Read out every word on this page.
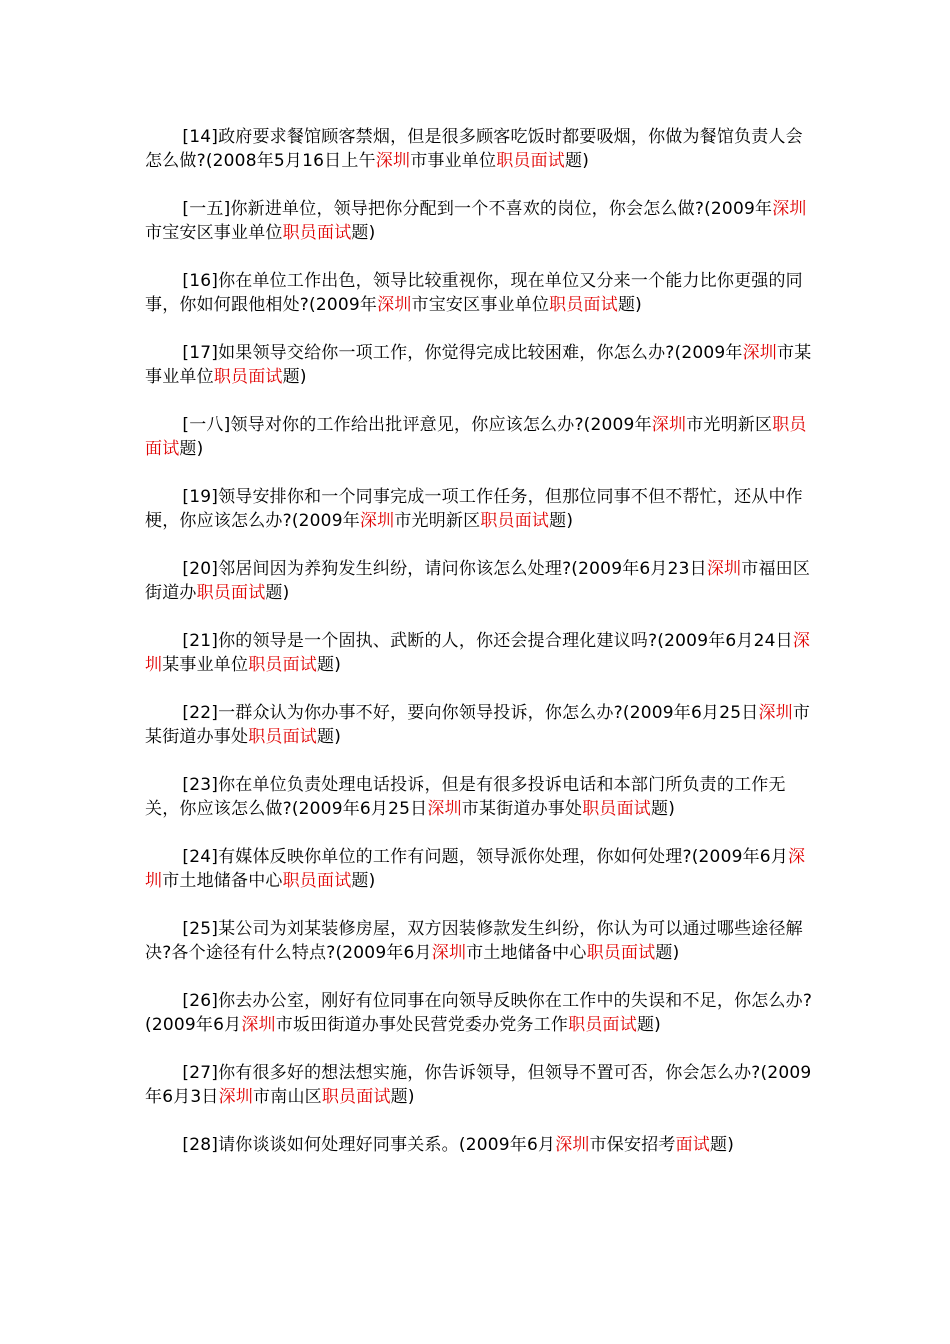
[14]政府要求餐馆顾客禁烟，但是很多顾客吃饭时都要吸烟，你做为餐馆负责人会怎么做?(2008年5月16日上午深圳市事业单位职员面试题)

[一五]你新进单位，领导把你分配到一个不喜欢的岗位，你会怎么做?(2009年深圳市宝安区事业单位职员面试题)

[16]你在单位工作出色，领导比较重视你，现在单位又分来一个能力比你更强的同事，你如何跟他相处?(2009年深圳市宝安区事业单位职员面试题)

[17]如果领导交给你一项工作，你觉得完成比较困难，你怎么办?(2009年深圳市某事业单位职员面试题)

[一八]领导对你的工作给出批评意见，你应该怎么办?(2009年深圳市光明新区职员面试题)

[19]领导安排你和一个同事完成一项工作任务，但那位同事不但不帮忙，还从中作梗，你应该怎么办?(2009年深圳市光明新区职员面试题)

[20]邻居间因为养狗发生纠纷，请问你该怎么处理?(2009年6月23日深圳市福田区街道办职员面试题)

[21]你的领导是一个固执、武断的人，你还会提合理化建议吗?(2009年6月24日深圳某事业单位职员面试题)

[22]一群众认为你办事不好，要向你领导投诉，你怎么办?(2009年6月25日深圳市某街道办事处职员面试题)

[23]你在单位负责处理电话投诉，但是有很多投诉电话和本部门所负责的工作无关，你应该怎么做?(2009年6月25日深圳市某街道办事处职员面试题)

[24]有媒体反映你单位的工作有问题，领导派你处理，你如何处理?(2009年6月深圳市土地储备中心职员面试题)

[25]某公司为刘某装修房屋，双方因装修款发生纠纷，你认为可以通过哪些途径解决?各个途径有什么特点?(2009年6月深圳市土地储备中心职员面试题)

[26]你去办公室，刚好有位同事在向领导反映你在工作中的失误和不足，你怎么办?(2009年6月深圳市坂田街道办事处民营党委办党务工作职员面试题)

[27]你有很多好的想法想实施，你告诉领导，但领导不置可否，你会怎么办?(2009年6月3日深圳市南山区职员面试题)

[28]请你谈谈如何处理好同事关系。(2009年6月深圳市保安招考面试题)
